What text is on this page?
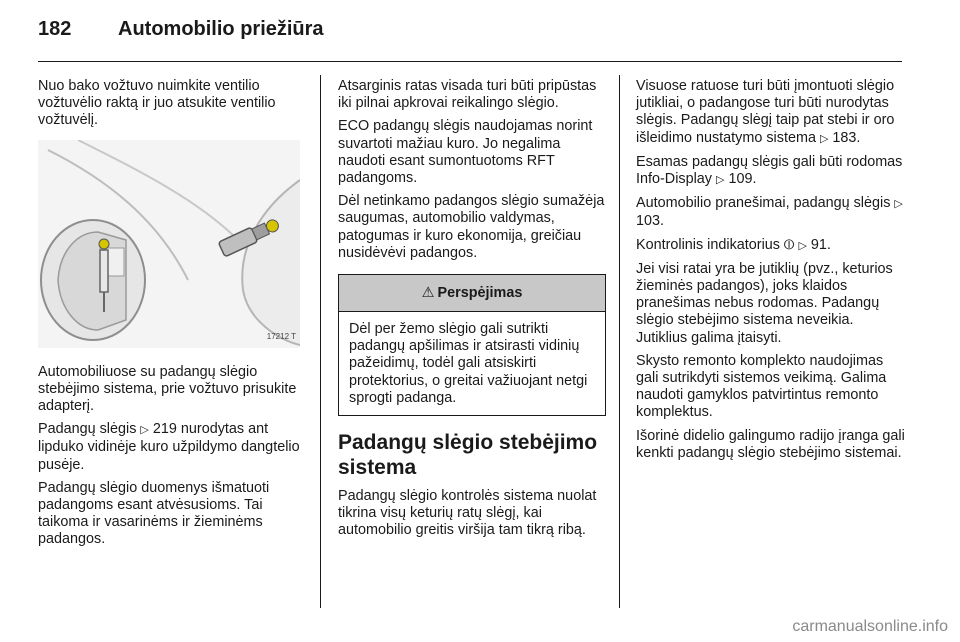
182 Automobilio priežiūra

Nuo bako vožtuvo nuimkite ventilio vožtuvėlio raktą ir juo atsukite ventilio vožtuvėlį.

17212 T

Automobiliuose su padangų slėgio stebėjimo sistema, prie vožtuvo prisukite adapterį.

Padangų slėgis ▷ 219 nurodytas ant lipduko vidinėje kuro užpildymo dangtelio pusėje.

Padangų slėgio duomenys išmatuoti padangoms esant atvėsusioms. Tai taikoma ir vasarinėms ir žieminėms padangos.

Atsarginis ratas visada turi būti pripūstas iki pilnai apkrovai reikalingo slėgio.

ECO padangų slėgis naudojamas norint suvartoti mažiau kuro. Jo negalima naudoti esant sumontuotoms RFT padangoms.

Dėl netinkamo padangos slėgio sumažėja saugumas, automobilio valdymas, patogumas ir kuro ekonomija, greičiau nusidėvėvi padangos.

⚠ Perspėjimas
Dėl per žemo slėgio gali sutrikti padangų apšilimas ir atsirasti vidinių pažeidimų, todėl gali atsiskirti protektorius, o greitai važiuojant netgi sprogti padanga.
Padangų slėgio stebėjimo sistema

Padangų slėgio kontrolės sistema nuolat tikrina visų keturių ratų slėgį, kai automobilio greitis viršija tam tikrą ribą.

Visuose ratuose turi būti įmontuoti slėgio jutikliai, o padangose turi būti nurodytas slėgis. Padangų slėgį taip pat stebi ir oro išleidimo nustatymo sistema ▷ 183.

Esamas padangų slėgis gali būti rodomas Info-Display ▷ 109.

Automobilio pranešimai, padangų slėgis ▷ 103.

Kontrolinis indikatorius ⦶ ▷ 91.

Jei visi ratai yra be jutiklių (pvz., keturios žieminės padangos), joks klaidos pranešimas nebus rodomas. Padangų slėgio stebėjimo sistema neveikia. Jutiklius galima įtaisyti.

Skysto remonto komplekto naudojimas gali sutrikdyti sistemos veikimą. Galima naudoti gamyklos patvirtintus remonto komplektus.

Išorinė didelio galingumo radijo įranga gali kenkti padangų slėgio stebėjimo sistemai.

carmanualsonline.info
